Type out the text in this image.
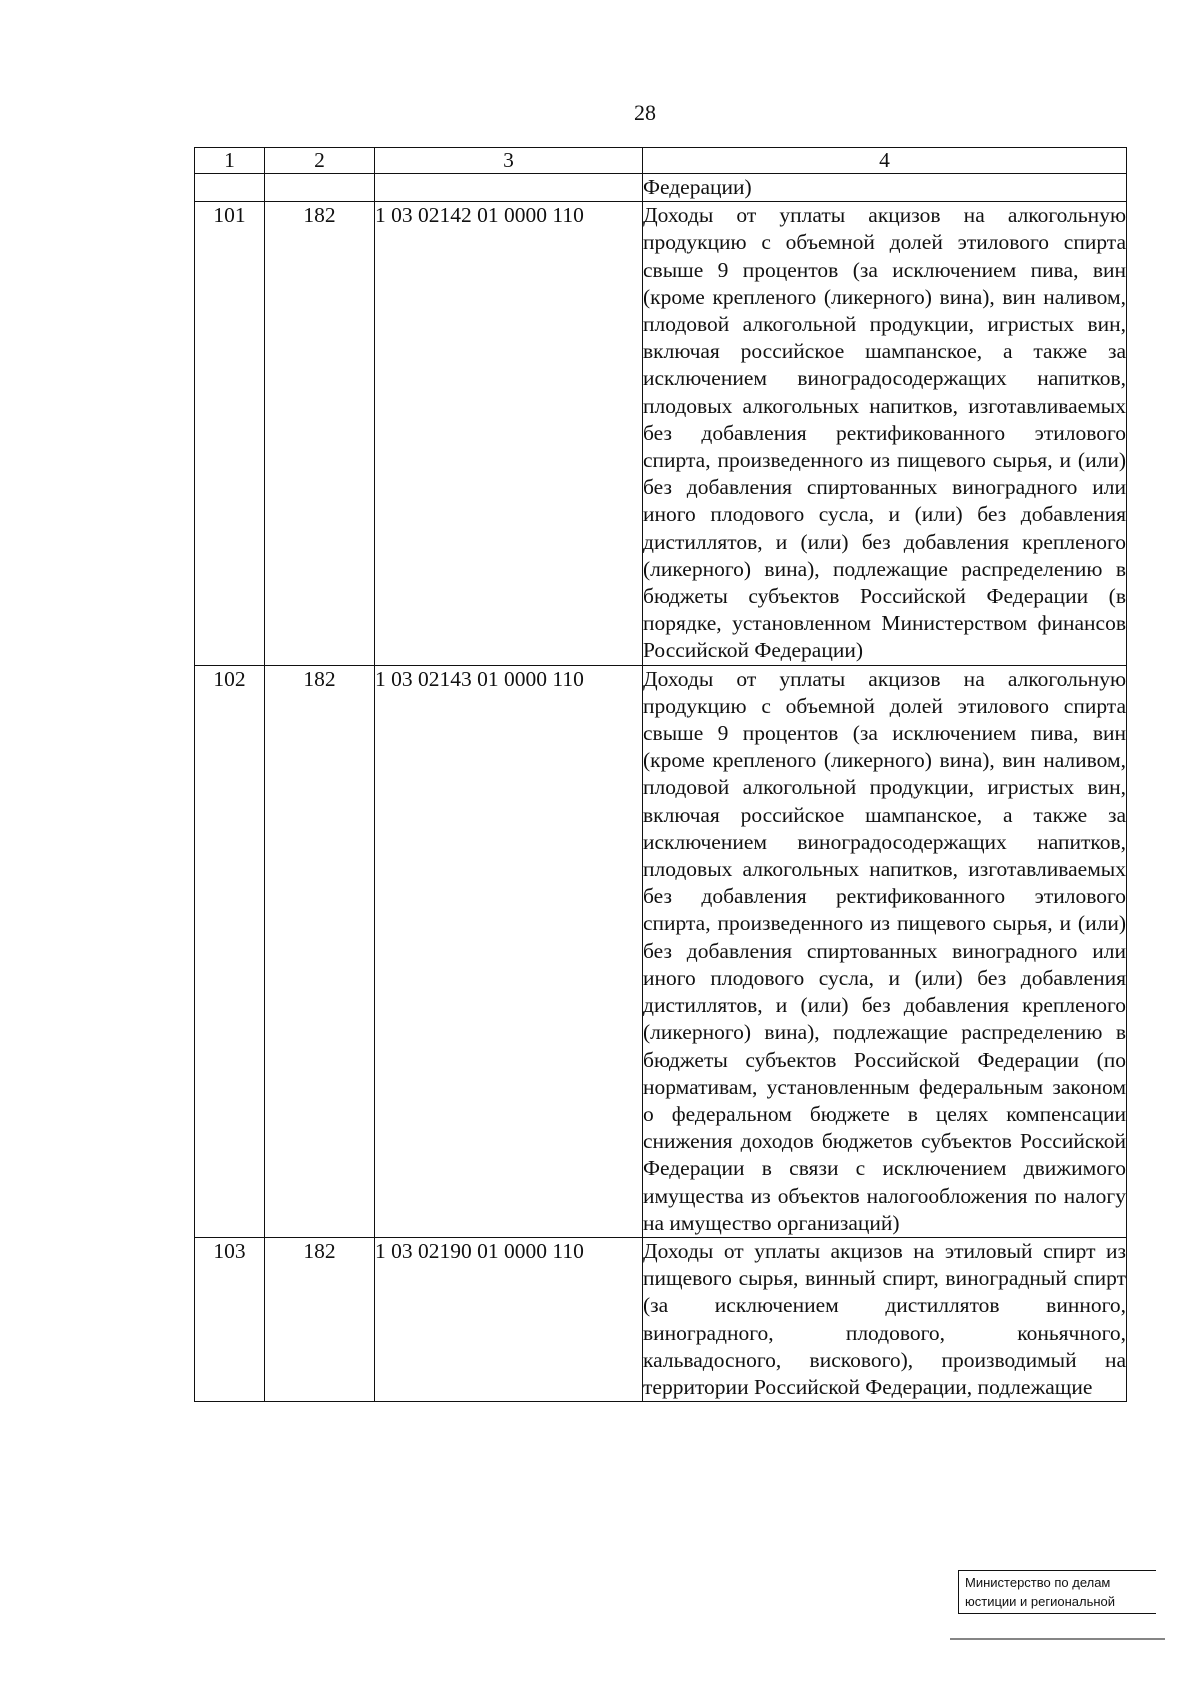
28
1	2	3	4
			Федерации)
101	182	1 03 02142 01 0000 110	Доходы от уплаты акцизов на алкогольную продукцию с объемной долей этилового спирта свыше 9 процентов (за исключением пива, вин (кроме крепленого (ликерного) вина), вин наливом, плодовой алкогольной продукции, игристых вин, включая российское шампанское, а также за исключением виноградосодержащих напитков, плодовых алкогольных напитков, изготавливаемых без добавления ректификованного этилового спирта, произведенного из пищевого сырья, и (или) без добавления спиртованных виноградного или иного плодового сусла, и (или) без добавления дистиллятов, и (или) без добавления крепленого (ликерного) вина), подлежащие распределению в бюджеты субъектов Российской Федерации (в порядке, установленном Министерством финансов Российской Федерации)
102	182	1 03 02143 01 0000 110	Доходы от уплаты акцизов на алкогольную продукцию с объемной долей этилового спирта свыше 9 процентов (за исключением пива, вин (кроме крепленого (ликерного) вина), вин наливом, плодовой алкогольной продукции, игристых вин, включая российское шампанское, а также за исключением виноградосодержащих напитков, плодовых алкогольных напитков, изготавливаемых без добавления ректификованного этилового спирта, произведенного из пищевого сырья, и (или) без добавления спиртованных виноградного или иного плодового сусла, и (или) без добавления дистиллятов, и (или) без добавления крепленого (ликерного) вина), подлежащие распределению в бюджеты субъектов Российской Федерации (по нормативам, установленным федеральным законом о федеральном бюджете в целях компенсации снижения доходов бюджетов субъектов Российской Федерации в связи с исключением движимого имущества из объектов налогообложения по налогу на имущество организаций)
103	182	1 03 02190 01 0000 110	Доходы от уплаты акцизов на этиловый спирт из пищевого сырья, винный спирт, виноградный спирт (за исключением дистиллятов винного, виноградного, плодового, коньячного, кальвадосного, вискового), производимый на территории Российской Федерации, подлежащие
Министерство по делам
юстиции и региональной
